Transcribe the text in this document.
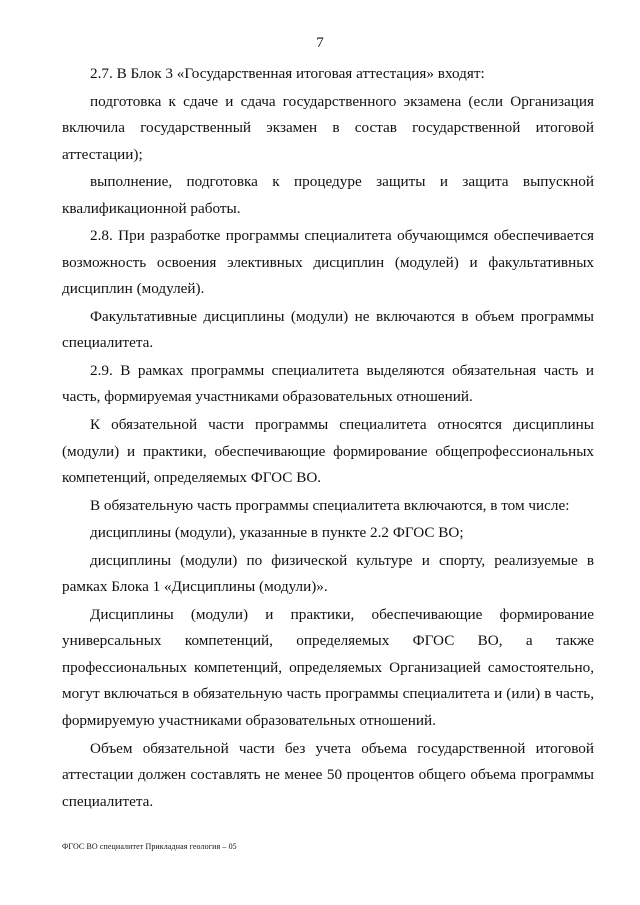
7

2.7. В Блок 3 «Государственная итоговая аттестация» входят:

подготовка к сдаче и сдача государственного экзамена (если Организация включила государственный экзамен в состав государственной итоговой аттестации);

выполнение, подготовка к процедуре защиты и защита выпускной квалификационной работы.

2.8. При разработке программы специалитета обучающимся обеспечивается возможность освоения элективных дисциплин (модулей) и факультативных дисциплин (модулей).

Факультативные дисциплины (модули) не включаются в объем программы специалитета.

2.9. В рамках программы специалитета выделяются обязательная часть и часть, формируемая участниками образовательных отношений.

К обязательной части программы специалитета относятся дисциплины (модули) и практики, обеспечивающие формирование общепрофессиональных компетенций, определяемых ФГОС ВО.

В обязательную часть программы специалитета включаются, в том числе:

дисциплины (модули), указанные в пункте 2.2 ФГОС ВО;

дисциплины (модули) по физической культуре и спорту, реализуемые в рамках Блока 1 «Дисциплины (модули)».

Дисциплины (модули) и практики, обеспечивающие формирование универсальных компетенций, определяемых ФГОС ВО, а также профессиональных компетенций, определяемых Организацией самостоятельно, могут включаться в обязательную часть программы специалитета и (или) в часть, формируемую участниками образовательных отношений.

Объем обязательной части без учета объема государственной итоговой аттестации должен составлять не менее 50 процентов общего объема программы специалитета.

ФГОС ВО специалитет Прикладная геология – 05
